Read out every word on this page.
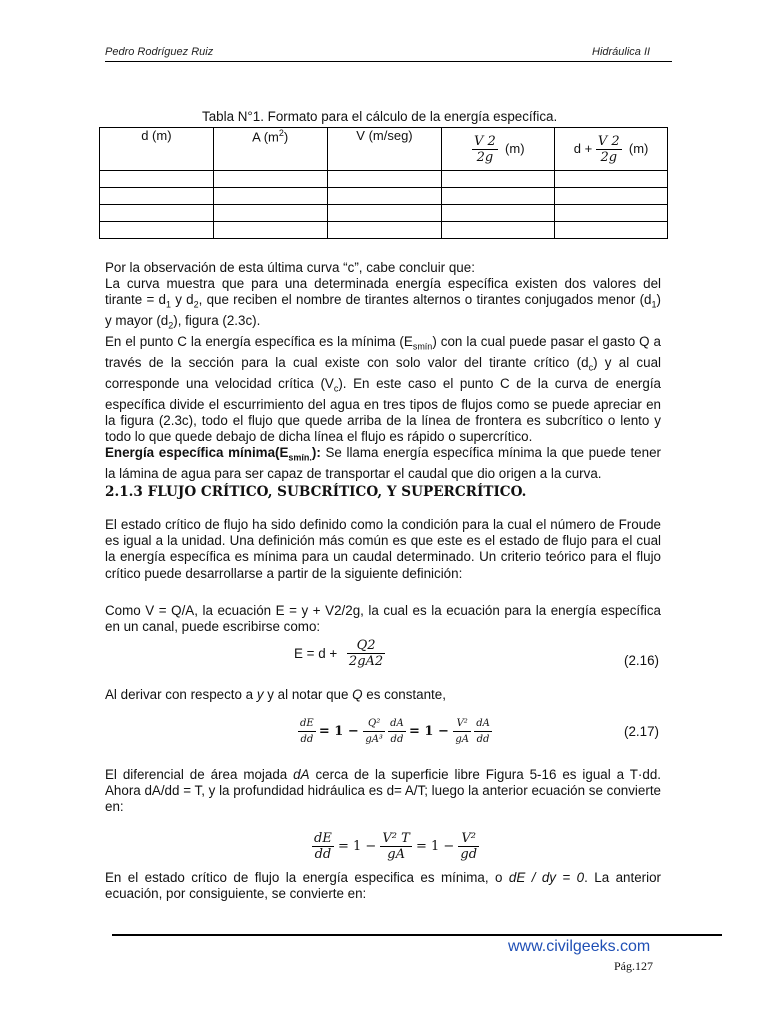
Pedro Rodríguez Ruiz	Hidráulica II
Tabla N°1. Formato para el cálculo de la energía específica.
d (m)	A $(m^2)$	V (m/seg)	$\frac{V 2}{2g} (m)$	$d + \frac{V 2}{2g} (m)$

Por la observación de esta última curva “c”, cabe concluir que:

La curva muestra que para una determinada energía específica existen dos valores del tirante = $d_1$ y $d_2$, que reciben el nombre de tirantes alternos o tirantes conjugados menor $(d_1)$ y mayor $(d_2)$, figura (2.3c).

En el punto C la energía específica es la mínima $(E_{smín})$ con la cual puede pasar el gasto Q a través de la sección para la cual existe con solo valor del tirante crítico $(d_c)$ y al cual corresponde una velocidad crítica $(V_c)$. En este caso el punto C de la curva de energía específica divide el escurrimiento del agua en tres tipos de flujos como se puede apreciar en la figura (2.3c), todo el flujo que quede arriba de la línea de frontera es subcrítico o lento y todo lo que quede debajo de dicha línea el flujo es rápido o supercrítico.

Energía específica $mínima(E_{smín.})$: Se llama energía específica mínima la que puede tener la lámina de agua para ser capaz de transportar el caudal que dio origen a la curva.

2.1.3 FLUJO CRÍTICO, SUBCRÍTICO, Y SUPERCRÍTICO.
El estado crítico de flujo ha sido definido como la condición para la cual el número de Froude es igual a la unidad. Una definición más común es que este es el estado de flujo para el cual la energía específica es mínima para un caudal determinado. Un criterio teórico para el flujo crítico puede desarrollarse a partir de la siguiente definición:
Como V = Q/A, la ecuación E = y + V2/2g, la cual es la ecuación para la energía específica en un canal, puede escribirse como:
$E = d + \frac{Q2}{2gA2}$	(2.16)
Al derivar con respecto a y y al notar que Q es constante,
$\frac{dE}{dd} = 1 - \frac{\text{Q²}}{\text{gA³}}$
$\frac{dA}{dd} = 1 - \frac{\text{V²}}{gA}$
$\frac{dA}{dd}$	(2.17)
El diferencial de área mojada dA cerca de la superficie libre Figura 5-16 es igual a T·dd. Ahora dA/dd = T, y la profundidad hidráulica es d= A/T; luego la anterior ecuación se convierte en:
$\frac{dE}{dd} = 1 - \frac{\text{V² T}}{gA} = 1 - \frac{\text{V²}}{gd}$
En el estado crítico de flujo la energía especifica es mínima, o dE / dy = 0. La anterior ecuación, por consiguiente, se convierte en:
www.civilgeeks.com
Pág.127
